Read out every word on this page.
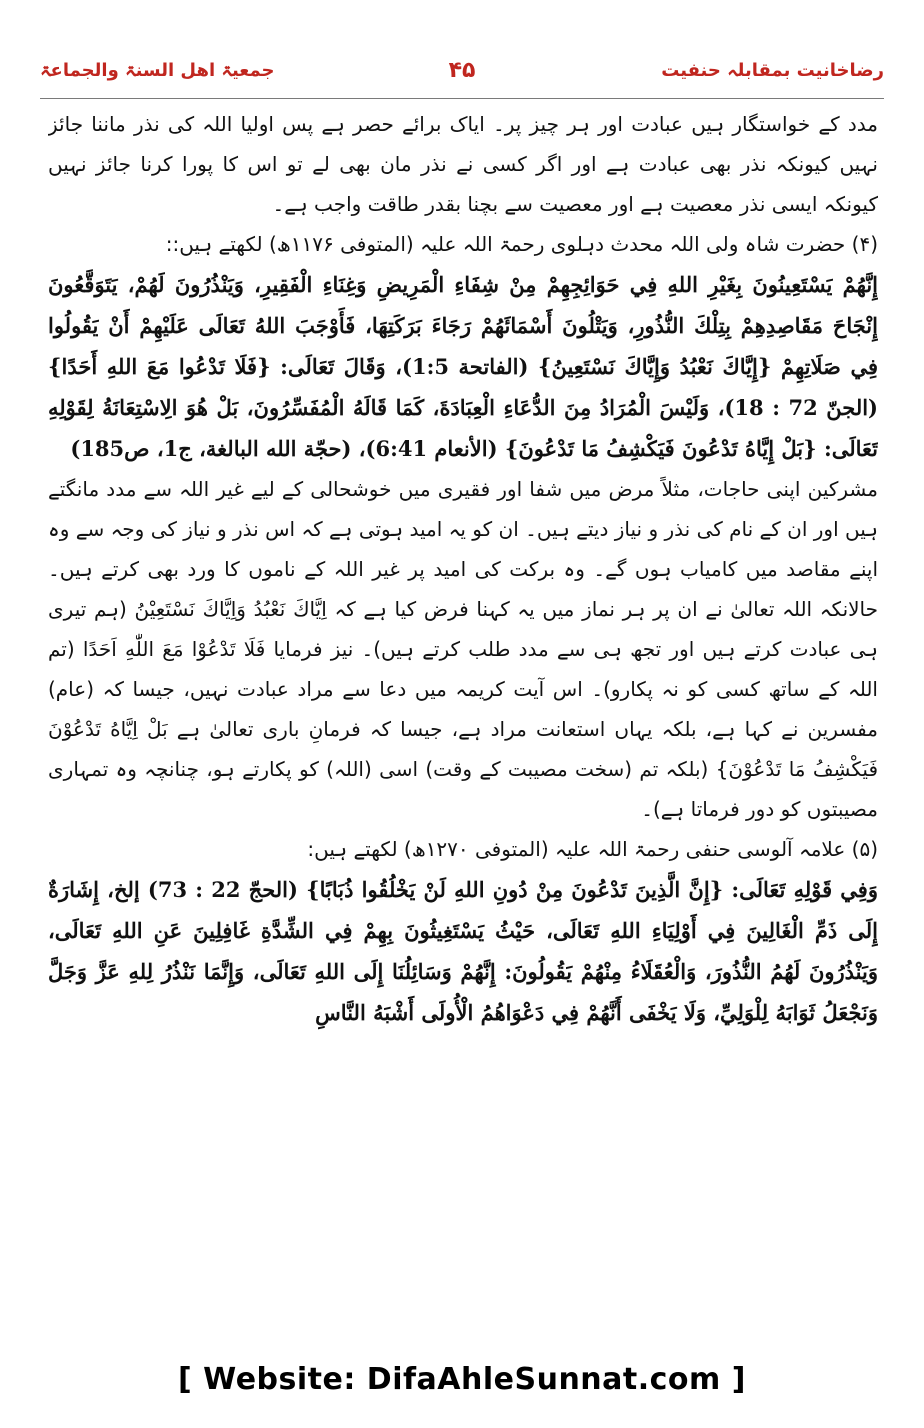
رضاخانیت بمقابلہ حنفیت
۴۵
جمعیۃ اهل السنۃ والجماعۃ

مدد کے خواستگار ہیں عبادت اور ہر چیز پر۔ ایاک برائے حصر ہے پس اولیا اللہ کی نذر ماننا جائز نہیں کیونکہ نذر بھی عبادت ہے اور اگر کسی نے نذر مان بھی لے تو اس کا پورا کرنا جائز نہیں کیونکہ ایسی نذر معصیت ہے اور معصیت سے بچنا بقدر طاقت واجب ہے۔

(۴) حضرت شاہ ولی اللہ محدث دہلوی رحمۃ اللہ علیہ (المتوفی ۱۱۷۶ھ) لکھتے ہیں::

إِنَّهُمْ يَسْتَعِينُونَ بِغَيْرِ اللهِ فِي حَوَائِجِهِمْ مِنْ شِفَاءِ الْمَرِيضِ وَغِنَاءِ الْفَقِيرِ، وَيَنْذُرُونَ لَهُمْ، يَتَوَقَّعُونَ إِنْجَاحَ مَقَاصِدِهِمْ بِتِلْكَ النُّذُورِ، وَيَتْلُونَ أَسْمَائَهُمْ رَجَاءَ بَرَكَتِهَا، فَأَوْجَبَ اللهُ تَعَالَى عَلَيْهِمْ أَنْ يَقُولُوا فِي صَلَاتِهِمْ {إِيَّاكَ نَعْبُدُ وَإِيَّاكَ نَسْتَعِينُ} (الفاتحة 1:5)، وَقَالَ تَعَالَى: {فَلَا تَدْعُوا مَعَ اللهِ أَحَدًا} (الجنّ 72 : 18)، وَلَيْسَ الْمُرَادُ مِنَ الدُّعَاءِ الْعِبَادَةَ، كَمَا قَالَهُ الْمُفَسِّرُونَ، بَلْ هُوَ الِاسْتِعَانَةُ لِقَوْلِهِ تَعَالَى: {بَلْ إِيَّاهُ تَدْعُونَ فَيَكْشِفُ مَا تَدْعُونَ} (الأنعام 6:41)، (حجّة الله البالغة، ج1، ص185)

مشرکین اپنی حاجات، مثلاً مرض میں شفا اور فقیری میں خوشحالی کے لیے غیر اللہ سے مدد مانگتے ہیں اور ان کے نام کی نذر و نیاز دیتے ہیں۔ ان کو یہ امید ہوتی ہے کہ اس نذر و نیاز کی وجہ سے وہ اپنے مقاصد میں کامیاب ہوں گے۔ وہ برکت کی امید پر غیر اللہ کے ناموں کا ورد بھی کرتے ہیں۔ حالانکہ اللہ تعالیٰ نے ان پر ہر نماز میں یہ کہنا فرض کیا ہے کہ اِيَّاكَ نَعْبُدُ وَاِيَّاكَ نَسْتَعِيْنُ (ہم تیری ہی عبادت کرتے ہیں اور تجھ ہی سے مدد طلب کرتے ہیں)۔ نیز فرمایا فَلَا تَدْعُوْا مَعَ اللّٰهِ اَحَدًا (تم اللہ کے ساتھ کسی کو نہ پکارو)۔ اس آیت کریمہ میں دعا سے مراد عبادت نہیں، جیسا کہ (عام) مفسرین نے کہا ہے، بلکہ یہاں استعانت مراد ہے، جیسا کہ فرمانِ باری تعالیٰ ہے بَلْ اِيَّاهُ تَدْعُوْنَ فَيَكْشِفُ مَا تَدْعُوْنَ} (بلکہ تم (سخت مصیبت کے وقت) اسی (اللہ) کو پکارتے ہو، چنانچہ وہ تمہاری مصیبتوں کو دور فرماتا ہے)۔

(۵) علامہ آلوسی حنفی رحمۃ اللہ علیہ (المتوفی ۱۲۷۰ھ) لکھتے ہیں:

وَفِي قَوْلِهِ تَعَالَى: {إِنَّ الَّذِينَ تَدْعُونَ مِنْ دُونِ اللهِ لَنْ يَخْلُقُوا ذُبَابًا} (الحجّ 22 : 73) إلخ، إِشَارَةٌ إِلَى ذَمِّ الْغَالِينَ فِي أَوْلِيَاءِ اللهِ تَعَالَى، حَيْثُ يَسْتَغِيثُونَ بِهِمْ فِي الشِّدَّةِ غَافِلِينَ عَنِ اللهِ تَعَالَى، وَيَنْذُرُونَ لَهُمُ النُّذُورَ، وَالْعُقَلَاءُ مِنْهُمْ يَقُولُونَ: إِنَّهُمْ وَسَائِلُنَا إِلَى اللهِ تَعَالَى، وَإِنَّمَا نَنْذُرُ لِلهِ عَزَّ وَجَلَّ وَنَجْعَلُ ثَوَابَهُ لِلْوَلِيِّ، وَلَا يَخْفَى أَنَّهُمْ فِي دَعْوَاهُمُ الْأُولَى أَشْبَهُ النَّاسِ

[ Website: DifaAhleSunnat.com ]
